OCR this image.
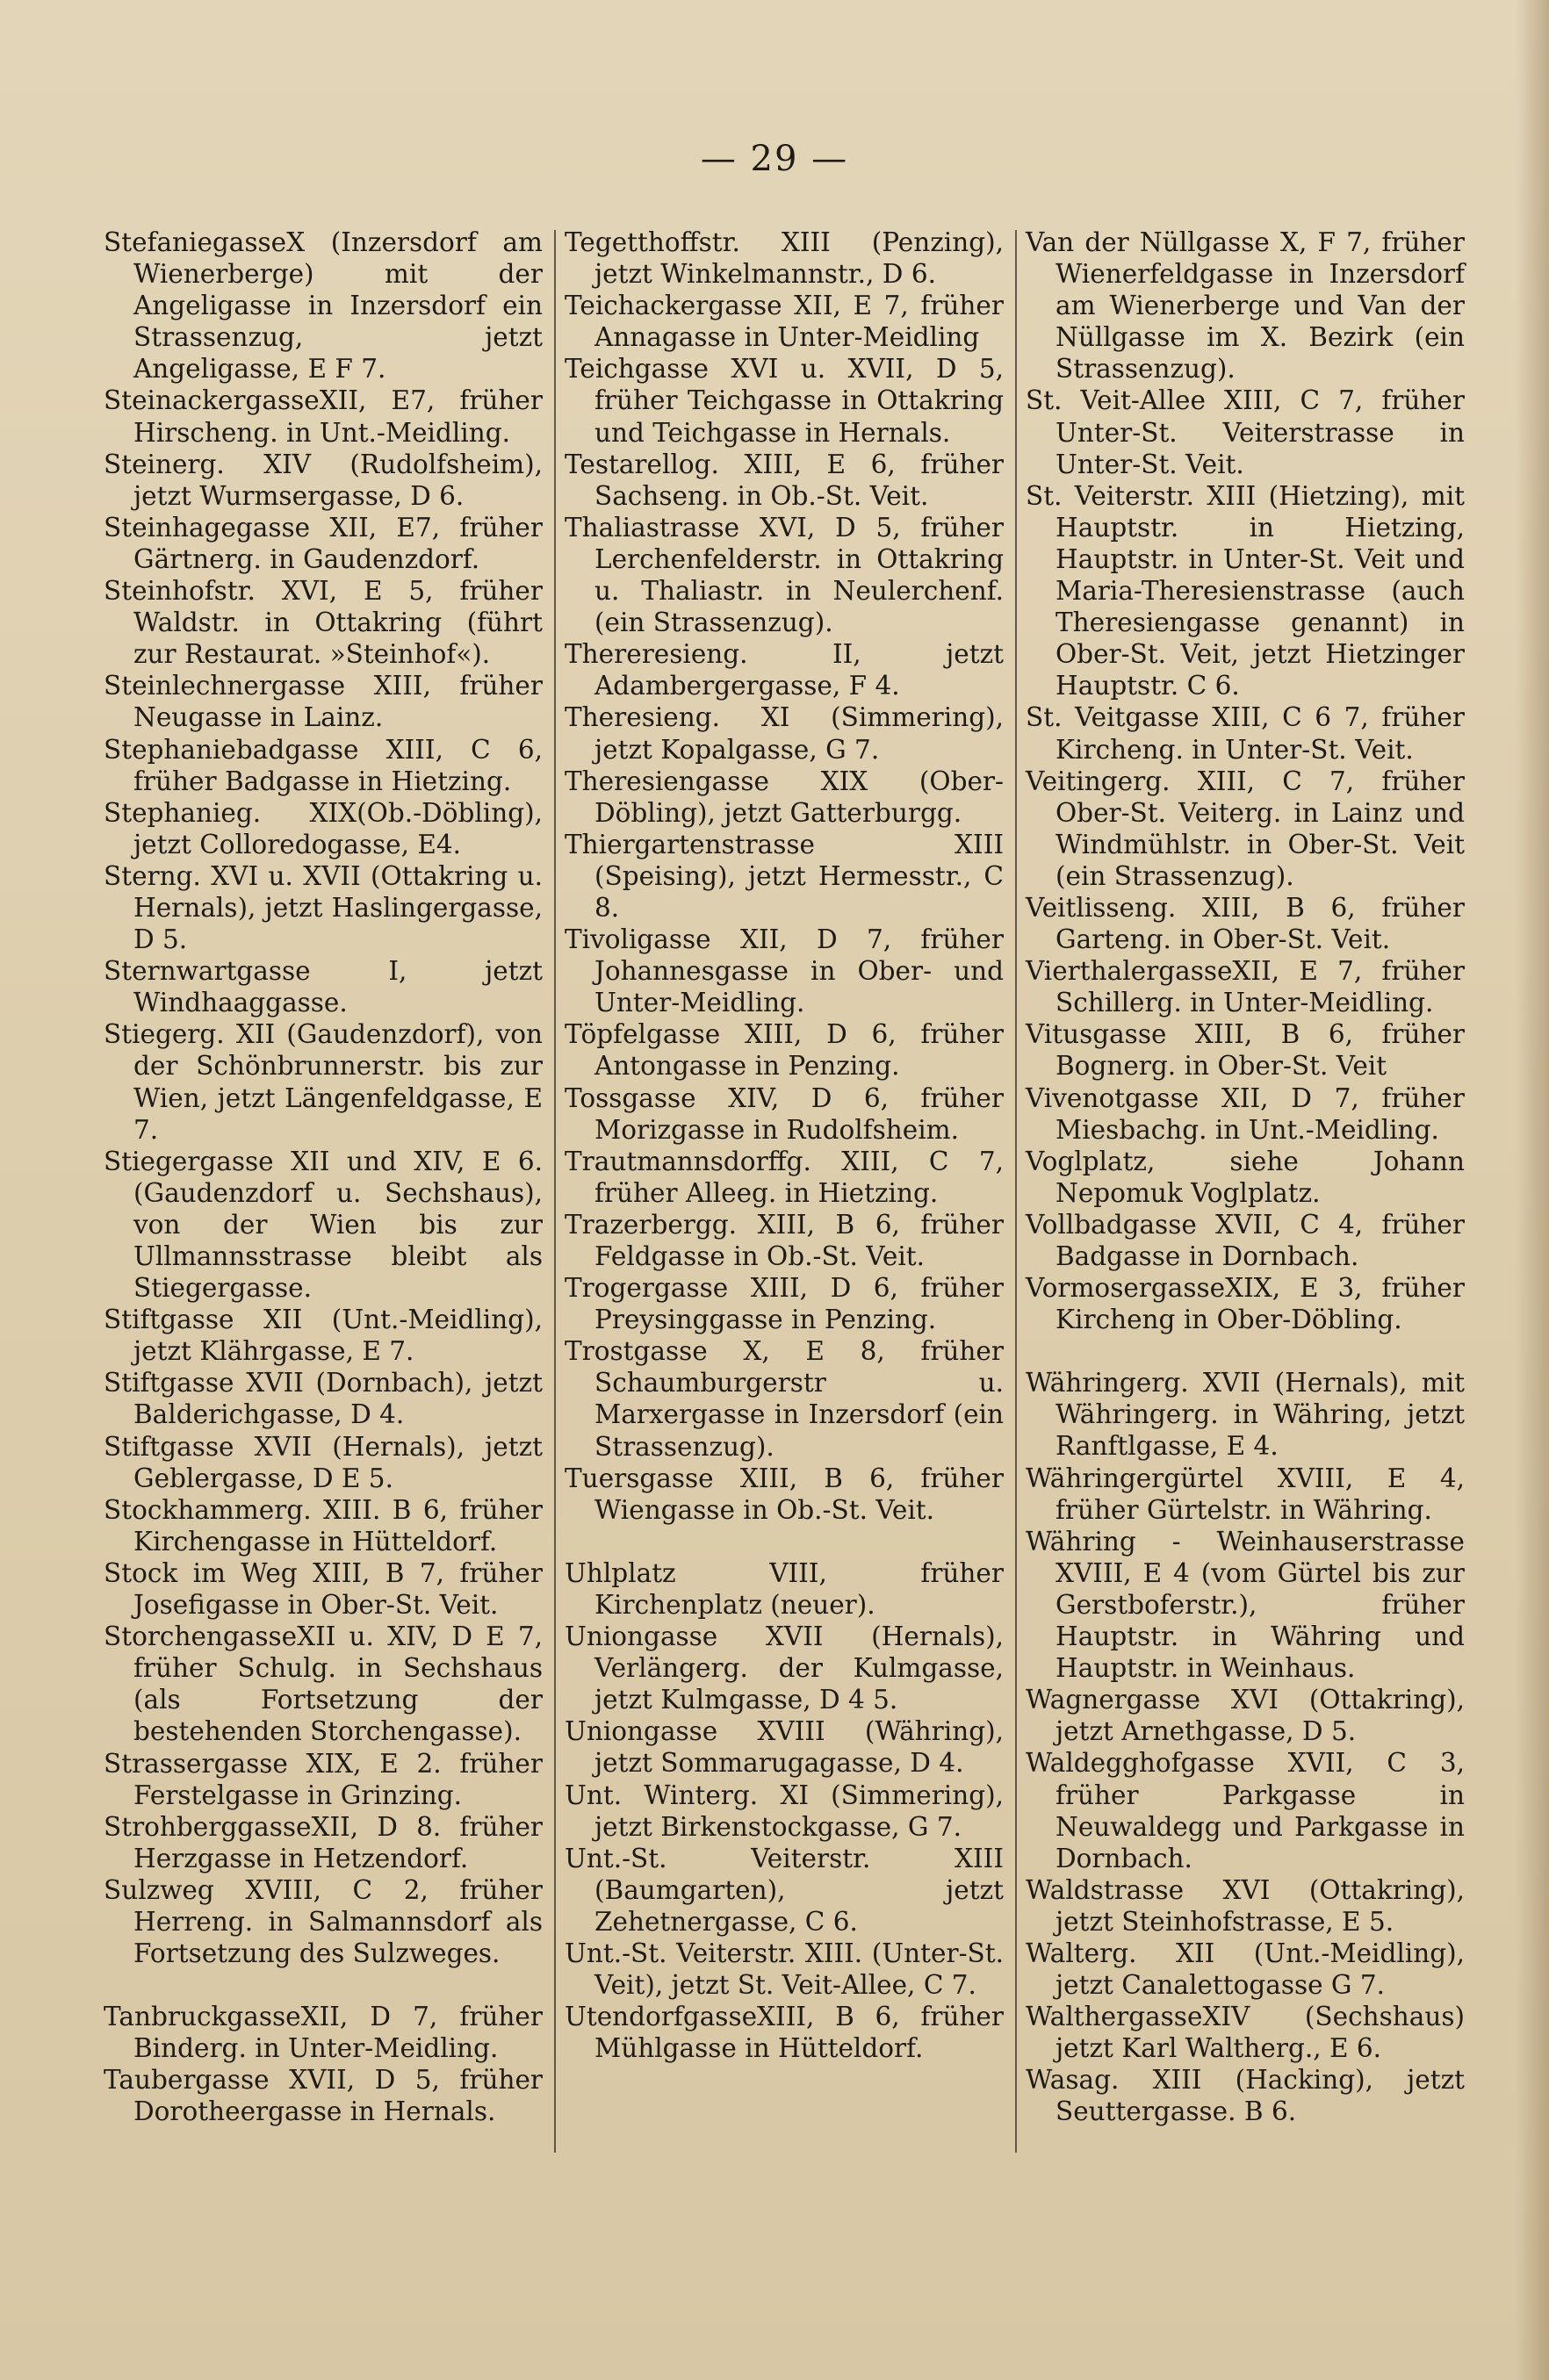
— 29 —

StefaniegasseX (Inzersdorf am Wienerberge) mit der Angeligasse in Inzersdorf ein Strassenzug, jetzt Angeligasse, E F 7.

SteinackergasseXII, E7, früher Hirscheng. in Unt.-Meidling.

Steinerg. XIV (Rudolfsheim), jetzt Wurmsergasse, D 6.

Steinhagegasse XII, E7, früher Gärtnerg. in Gaudenzdorf.

Steinhofstr. XVI, E 5, früher Waldstr. in Ottakring (führt zur Restaurat. »Steinhof«).

Steinlechnergasse XIII, früher Neugasse in Lainz.

Stephaniebadgasse XIII, C 6, früher Badgasse in Hietzing.

Stephanieg. XIX(Ob.-Döbling), jetzt Colloredogasse, E4.

Sterng. XVI u. XVII (Ottakring u. Hernals), jetzt Haslingergasse, D 5.

Sternwartgasse I, jetzt Windhaaggasse.

Stiegerg. XII (Gaudenzdorf), von der Schönbrunnerstr. bis zur Wien, jetzt Längenfeldgasse, E 7.

Stiegergasse XII und XIV, E 6. (Gaudenzdorf u. Sechshaus), von der Wien bis zur Ullmannsstrasse bleibt als Stiegergasse.

Stiftgasse XII (Unt.-Meidling), jetzt Klährgasse, E 7.

Stiftgasse XVII (Dornbach), jetzt Balderichgasse, D 4.

Stiftgasse XVII (Hernals), jetzt Geblergasse, D E 5.

Stockhammerg. XIII. B 6, früher Kirchengasse in Hütteldorf.

Stock im Weg XIII, B 7, früher Josefigasse in Ober-St. Veit.

StorchengasseXII u. XIV, D E 7, früher Schulg. in Sechshaus (als Fortsetzung der bestehenden Storchengasse).

Strassergasse XIX, E 2. früher Ferstelgasse in Grinzing.

StrohberggasseXII, D 8. früher Herzgasse in Hetzendorf.

Sulzweg XVIII, C 2, früher Herreng. in Salmannsdorf als Fortsetzung des Sulzweges.

TanbruckgasseXII, D 7, früher Binderg. in Unter-Meidling.

Taubergasse XVII, D 5, früher Dorotheergasse in Hernals.

Tegetthoffstr. XIII (Penzing), jetzt Winkelmannstr., D 6.

Teichackergasse XII, E 7, früher Annagasse in Unter-Meidling

Teichgasse XVI u. XVII, D 5, früher Teichgasse in Ottakring und Teichgasse in Hernals.

Testarellog. XIII, E 6, früher Sachseng. in Ob.-St. Veit.

Thaliastrasse XVI, D 5, früher Lerchenfelderstr. in Ottakring u. Thaliastr. in Neulerchenf. (ein Strassenzug).

Thereresieng. II, jetzt Adambergergasse, F 4.

Theresieng. XI (Simmering), jetzt Kopalgasse, G 7.

Theresiengasse XIX (Ober-Döbling), jetzt Gatterburgg.

Thiergartenstrasse XIII (Speising), jetzt Hermesstr., C 8.

Tivoligasse XII, D 7, früher Johannesgasse in Ober- und Unter-Meidling.

Töpfelgasse XIII, D 6, früher Antongasse in Penzing.

Tossgasse XIV, D 6, früher Morizgasse in Rudolfsheim.

Trautmannsdorffg. XIII, C 7, früher Alleeg. in Hietzing.

Trazerbergg. XIII, B 6, früher Feldgasse in Ob.-St. Veit.

Trogergasse XIII, D 6, früher Preysinggasse in Penzing.

Trostgasse X, E 8, früher Schaumburgerstr u. Marxergasse in Inzersdorf (ein Strassenzug).

Tuersgasse XIII, B 6, früher Wiengasse in Ob.-St. Veit.

Uhlplatz VIII, früher Kirchenplatz (neuer).

Uniongasse XVII (Hernals), Verlängerg. der Kulmgasse, jetzt Kulmgasse, D 4 5.

Uniongasse XVIII (Währing), jetzt Sommarugagasse, D 4.

Unt. Winterg. XI (Simmering), jetzt Birkenstockgasse, G 7.

Unt.-St. Veiterstr. XIII (Baumgarten), jetzt Zehetnergasse, C 6.

Unt.-St. Veiterstr. XIII. (Unter-St. Veit), jetzt St. Veit-Allee, C 7.

UtendorfgasseXIII, B 6, früher Mühlgasse in Hütteldorf.

Van der Nüllgasse X, F 7, früher Wienerfeldgasse in Inzersdorf am Wienerberge und Van der Nüllgasse im X. Bezirk (ein Strassenzug).

St. Veit-Allee XIII, C 7, früher Unter-St. Veiterstrasse in Unter-St. Veit.

St. Veiterstr. XIII (Hietzing), mit Hauptstr. in Hietzing, Hauptstr. in Unter-St. Veit und Maria-Theresienstrasse (auch Theresiengasse genannt) in Ober-St. Veit, jetzt Hietzinger Hauptstr. C 6.

St. Veitgasse XIII, C 6 7, früher Kircheng. in Unter-St. Veit.

Veitingerg. XIII, C 7, früher Ober-St. Veiterg. in Lainz und Windmühlstr. in Ober-St. Veit (ein Strassenzug).

Veitlisseng. XIII, B 6, früher Garteng. in Ober-St. Veit.

VierthalergasseXII, E 7, früher Schillerg. in Unter-Meidling.

Vitusgasse XIII, B 6, früher Bognerg. in Ober-St. Veit

Vivenotgasse XII, D 7, früher Miesbachg. in Unt.-Meidling.

Voglplatz, siehe Johann Nepomuk Voglplatz.

Vollbadgasse XVII, C 4, früher Badgasse in Dornbach.

VormosergasseXIX, E 3, früher Kircheng in Ober-Döbling.

Währingerg. XVII (Hernals), mit Währingerg. in Währing, jetzt Ranftlgasse, E 4.

Währingergürtel XVIII, E 4, früher Gürtelstr. in Währing.

Währing - Weinhauserstrasse XVIII, E 4 (vom Gürtel bis zur Gerstboferstr.), früher Hauptstr. in Währing und Hauptstr. in Weinhaus.

Wagnergasse XVI (Ottakring), jetzt Arnethgasse, D 5.

Waldegghofgasse XVII, C 3, früher Parkgasse in Neuwaldegg und Parkgasse in Dornbach.

Waldstrasse XVI (Ottakring), jetzt Steinhofstrasse, E 5.

Walterg. XII (Unt.-Meidling), jetzt Canalettogasse G 7.

WalthergasseXIV (Sechshaus) jetzt Karl Waltherg., E 6.

Wasag. XIII (Hacking), jetzt Seuttergasse. B 6.
